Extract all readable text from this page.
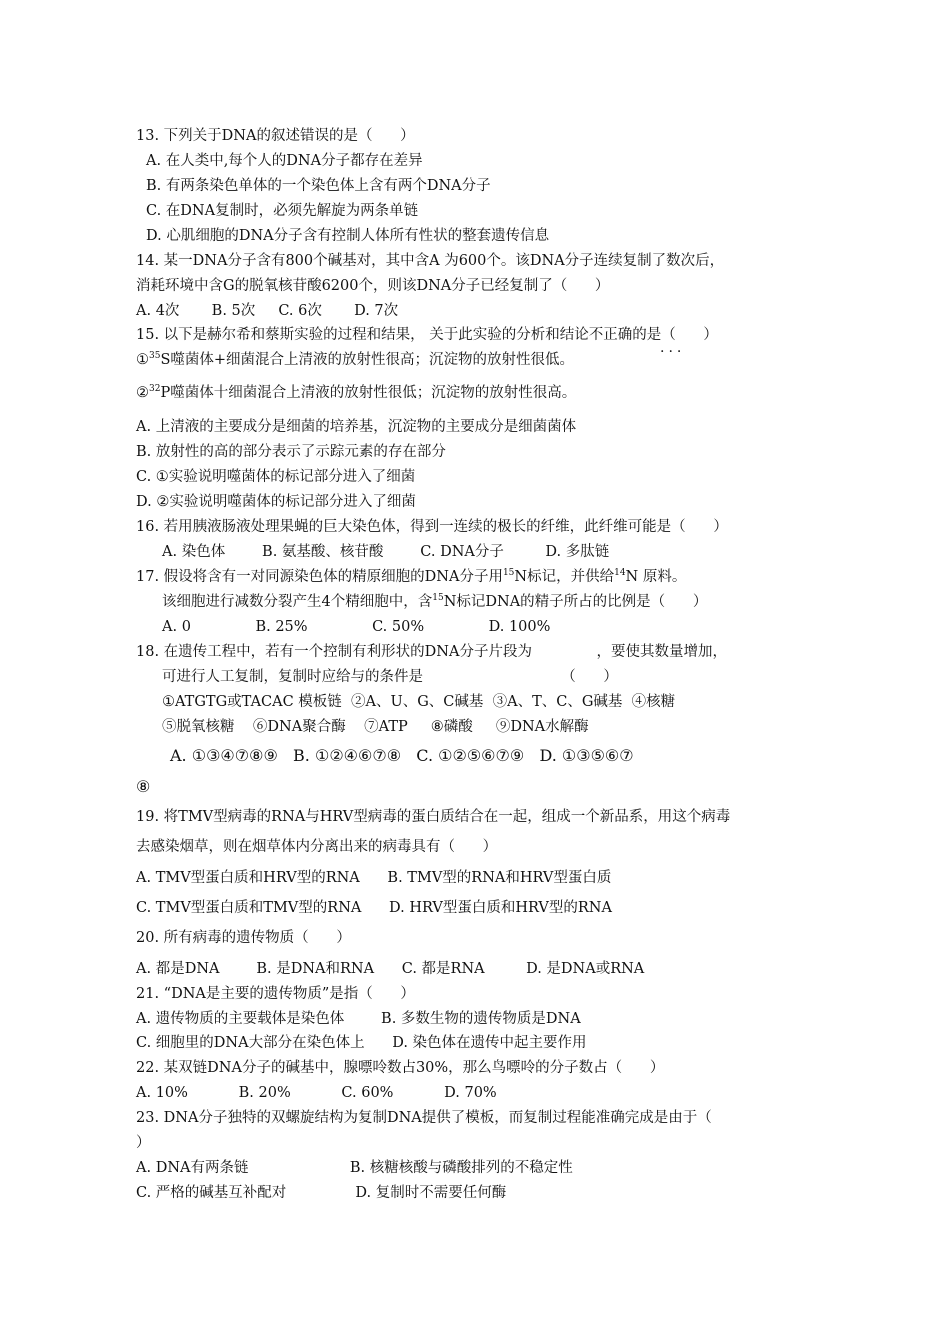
13. 下列关于DNA的叙述错误的是（      ）
A. 在人类中,每个人的DNA分子都存在差异
B. 有两条染色单体的一个染色体上含有两个DNA分子
C. 在DNA复制时，必须先解旋为两条单链
D. 心肌细胞的DNA分子含有控制人体所有性状的整套遗传信息
14. 某一DNA分子含有800个碱基对，其中含A 为600个。该DNA分子连续复制了数次后，
消耗环境中含G的脱氧核苷酸6200个，则该DNA分子已经复制了（      ）
A. 4次       B. 5次     C. 6次       D. 7次
15. 以下是赫尔希和蔡斯实验的过程和结果， 关于此实验的分析和结论不正确的是（      ）
...
①$^{35}$S噬菌体+细菌混合上清液的放射性很高；沉淀物的放射性很低。
②$^{32}$P噬菌体十细菌混合上清液的放射性很低；沉淀物的放射性很高。
A. 上清液的主要成分是细菌的培养基，沉淀物的主要成分是细菌菌体
B. 放射性的高的部分表示了示踪元素的存在部分
C. ①实验说明噬菌体的标记部分进入了细菌
D. ②实验说明噬菌体的标记部分进入了细菌
16. 若用胰液肠液处理果蝇的巨大染色体，得到一连续的极长的纤维，此纤维可能是（      ）
A. 染色体        B. 氨基酸、核苷酸        C. DNA分子         D. 多肽链
17. 假设将含有一对同源染色体的精原细胞的DNA分子用$^{15}$N标记，并供给$^{14}$N 原料。
该细胞进行减数分裂产生4个精细胞中，含$^{15}$N标记DNA的精子所占的比例是（      ）
A. 0              B. 25%              C. 50%              D. 100%
18. 在遗传工程中，若有一个控制有利形状的DNA分子片段为              ，要使其数量增加，
可进行人工复制，复制时应给与的条件是                              （      ）
①ATGTG或TACAC 模板链  ②A、U、G、C碱基  ③A、T、C、G碱基  ④核糖
⑤脱氧核糖    ⑥DNA聚合酶    ⑦ATP     ⑧磷酸     ⑨DNA水解酶
A. ①③④⑦⑧⑨   B. ①②④⑥⑦⑧   C. ①②⑤⑥⑦⑨   D. ①③⑤⑥⑦
⑧
19. 将TMV型病毒的RNA与HRV型病毒的蛋白质结合在一起，组成一个新品系，用这个病毒
去感染烟草，则在烟草体内分离出来的病毒具有（      ）
A. TMV型蛋白质和HRV型的RNA      B. TMV型的RNA和HRV型蛋白质
C. TMV型蛋白质和TMV型的RNA      D. HRV型蛋白质和HRV型的RNA
20. 所有病毒的遗传物质（      ）
A. 都是DNA        B. 是DNA和RNA      C. 都是RNA         D. 是DNA或RNA
21. “DNA是主要的遗传物质”是指（      ）
A. 遗传物质的主要载体是染色体        B. 多数生物的遗传物质是DNA
C. 细胞里的DNA大部分在染色体上      D. 染色体在遗传中起主要作用
22. 某双链DNA分子的碱基中，腺嘌呤数占30%，那么鸟嘌呤的分子数占（      ）
A. 10%           B. 20%           C. 60%           D. 70%
23. DNA分子独特的双螺旋结构为复制DNA提供了模板，而复制过程能准确完成是由于（
）
A. DNA有两条链                      B. 核糖核酸与磷酸排列的不稳定性
C. 严格的碱基互补配对               D. 复制时不需要任何酶
